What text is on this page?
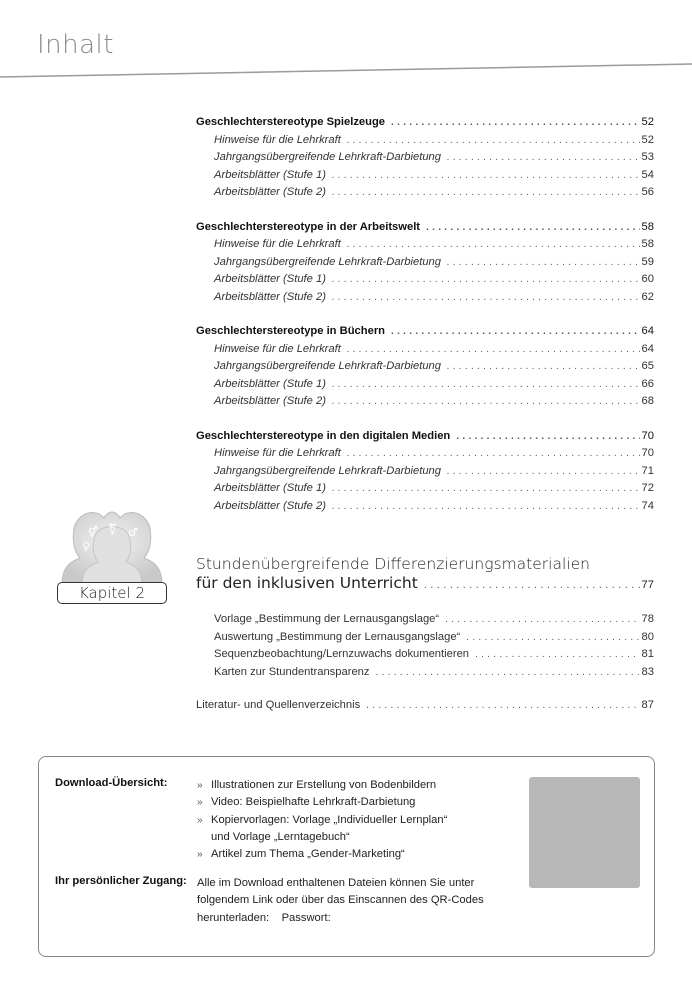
Inhalt
Geschlechterstereotype Spielzeuge .....	52
Hinweise für die Lehrkraft .....	52
Jahrgangsübergreifende Lehrkraft-Darbietung .....	53
Arbeitsblätter (Stufe 1) .....	54
Arbeitsblätter (Stufe 2) .....	56
Geschlechterstereotype in der Arbeitswelt .....	58
Hinweise für die Lehrkraft .....	58
Jahrgangsübergreifende Lehrkraft-Darbietung .....	59
Arbeitsblätter (Stufe 1) .....	60
Arbeitsblätter (Stufe 2) .....	62
Geschlechterstereotype in Büchern .....	64
Hinweise für die Lehrkraft .....	64
Jahrgangsübergreifende Lehrkraft-Darbietung .....	65
Arbeitsblätter (Stufe 1) .....	66
Arbeitsblätter (Stufe 2) .....	68
Geschlechterstereotype in den digitalen Medien .....	70
Hinweise für die Lehrkraft .....	70
Jahrgangsübergreifende Lehrkraft-Darbietung .....	71
Arbeitsblätter (Stufe 1) .....	72
Arbeitsblätter (Stufe 2) .....	74
Stundenübergreifende Differenzierungsmaterialien
für den inklusiven Unterricht .....	77
Vorlage „Bestimmung der Lernausgangslage“ .....	78
Auswertung „Bestimmung der Lernausgangslage“ .....	80
Sequenzbeobachtung/Lernzuwachs dokumentieren .....	81
Karten zur Stundentransparenz .....	83
Literatur- und Quellenverzeichnis .....	87
⚥ ⚧ ♂
♀
Kapitel 2
Download-Übersicht:	» Illustrationen zur Erstellung von Bodenbildern
» Video: Beispielhafte Lehrkraft-Darbietung
» Kopiervorlagen: Vorlage „Individueller Lernplan“
und Vorlage „Lerntagebuch“
» Artikel zum Thema „Gender-Marketing“
Ihr persönlicher Zugang: Alle im Download enthaltenen Dateien können Sie unter
folgendem Link oder über das Einscannen des QR-Codes
herunterladen:    Passwort:
